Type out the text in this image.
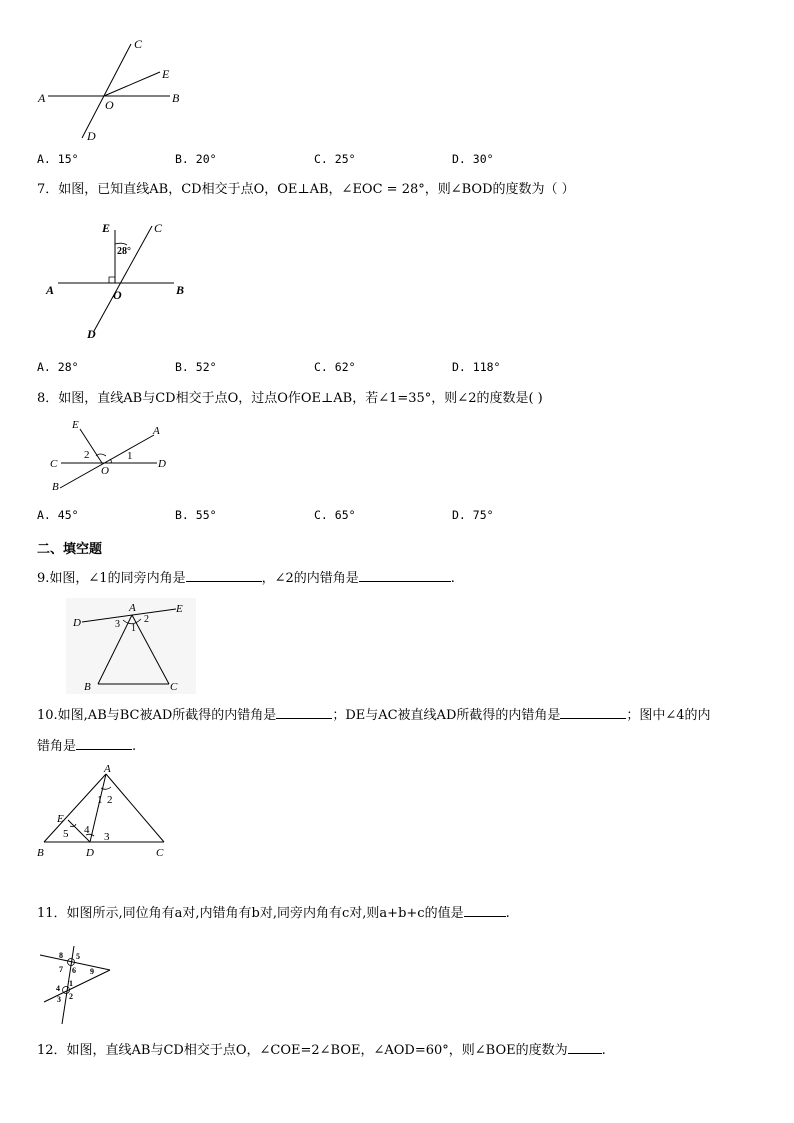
A	B
C
D
E
O
A. 15°	B. 20°	C. 25°	D. 30°
7．如图，已知直线AB，CD相交于点O，OE⊥AB，∠EOC = 28°，则∠BOD的度数为（ ）
E	C
28°
A	O	B
D
A. 28°	B. 52°	C. 62°	D. 118°
8．如图，直线AB与CD相交于点O，过点O作OE⊥AB，若∠1=35°，则∠2的度数是( )
E	A
C	D
B
O
1
2
A. 45°	B. 55°	C. 65°	D. 75°
二、填空题
9.如图，∠1的同旁内角是	，∠2的内错角是	.
A
D
E
B	C
1
2
3
10.如图,AB与BC被AD所截得的内错角是	；DE与AC被直线AD所截得的内错角是	；图中∠4的内
错角是	.
A
B	C
D
E
1 2
3
4
5
11．如图所示,同位角有a对,内错角有b对,同旁内角有c对,则a+b+c的值是	.
8 5
7 6 9
1
4
3 2
12．如图，直线AB与CD相交于点O，∠COE=2∠BOE，∠AOD=60°，则∠BOE的度数为	.
